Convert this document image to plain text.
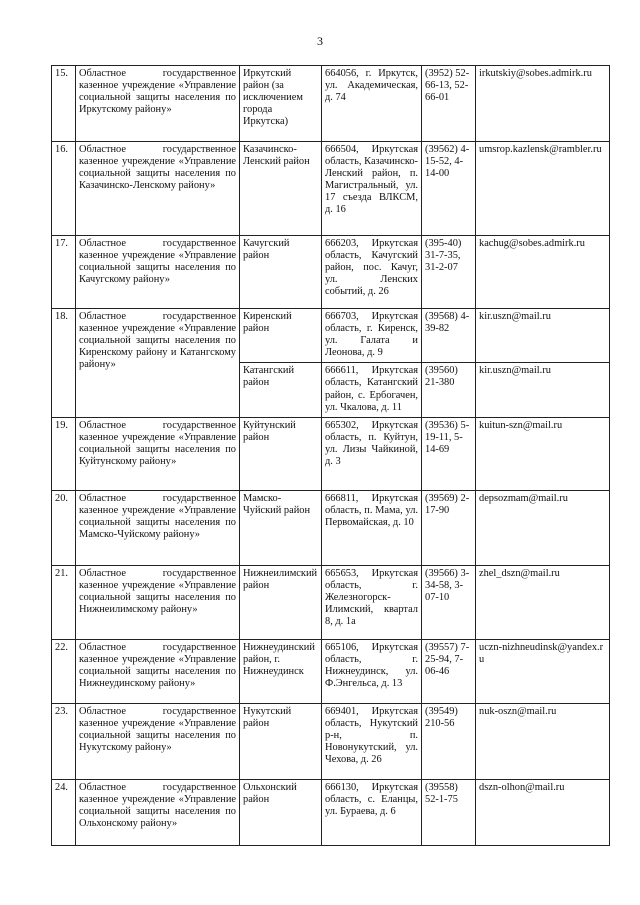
3
15.	Областное государственное казенное учреждение «Управление социальной защиты населения по Иркутскому району»	Иркутский район (за исключением города Иркутска)	664056, г. Иркутск, ул. Академическая, д. 74	(3952) 52-66-13, 52-66-01	irkutskiy@sobes.admirk.ru
16.	Областное государственное казенное учреждение «Управление социальной защиты населения по Казачинско-Ленскому району»	Казачинско-Ленский район	666504, Иркутская область, Казачинско-Ленский район, п. Магистральный, ул. 17 съезда ВЛКСМ, д. 16	(39562) 4-15-52, 4-14-00	umsrop.kazlensk@rambler.ru
17.	Областное государственное казенное учреждение «Управление социальной защиты населения по Качугскому району»	Качугский район	666203, Иркутская область, Качугский район, пос. Качуг, ул. Ленских событий, д. 26	(395-40) 31-7-35, 31-2-07	kachug@sobes.admirk.ru
18.	Областное государственное казенное учреждение «Управление социальной защиты населения по Киренскому району и Катангскому району»	Киренский район	666703, Иркутская область, г. Киренск, ул. Галата и Леонова, д. 9	(39568) 4-39-82	kir.uszn@mail.ru
		Катангский район	666611, Иркутская область, Катангский район, с. Ербогачен, ул. Чкалова, д. 11	(39560) 21-380	kir.uszn@mail.ru
19.	Областное государственное казенное учреждение «Управление социальной защиты населения по Куйтунскому району»	Куйтунский район	665302, Иркутская область, п. Куйтун, ул. Лизы Чайкиной, д. 3	(39536) 5-19-11, 5-14-69	kuitun-szn@mail.ru
20.	Областное государственное казенное учреждение «Управление социальной защиты населения по Мамско-Чуйскому району»	Мамско-Чуйский район	666811, Иркутская область, п. Мама, ул. Первомайская, д. 10	(39569) 2-17-90	depsozmam@mail.ru
21.	Областное государственное казенное учреждение «Управление социальной защиты населения по Нижнеилимскому району»	Нижнеилимский район	665653, Иркутская область, г. Железногорск-Илимский, квартал 8, д. 1а	(39566) 3-34-58, 3-07-10	zhel_dszn@mail.ru
22.	Областное государственное казенное учреждение «Управление социальной защиты населения по Нижнеудинскому району»	Нижнеудинский район, г. Нижнеудинск	665106, Иркутская область, г. Нижнеудинск, ул. Ф.Энгельса, д. 13	(39557) 7-25-94, 7-06-46	uczn-nizhneudinsk@yandex.ru
23.	Областное государственное казенное учреждение «Управление социальной защиты населения по Нукутскому району»	Нукутский район	669401, Иркутская область, Нукутский р-н, п. Новонукутский, ул. Чехова, д. 26	(39549) 210-56	nuk-oszn@mail.ru
24.	Областное государственное казенное учреждение «Управление социальной защиты населения по Ольхонскому району»	Ольхонский район	666130, Иркутская область, с. Еланцы, ул. Бураева, д. 6	(39558) 52-1-75	dszn-olhon@mail.ru
